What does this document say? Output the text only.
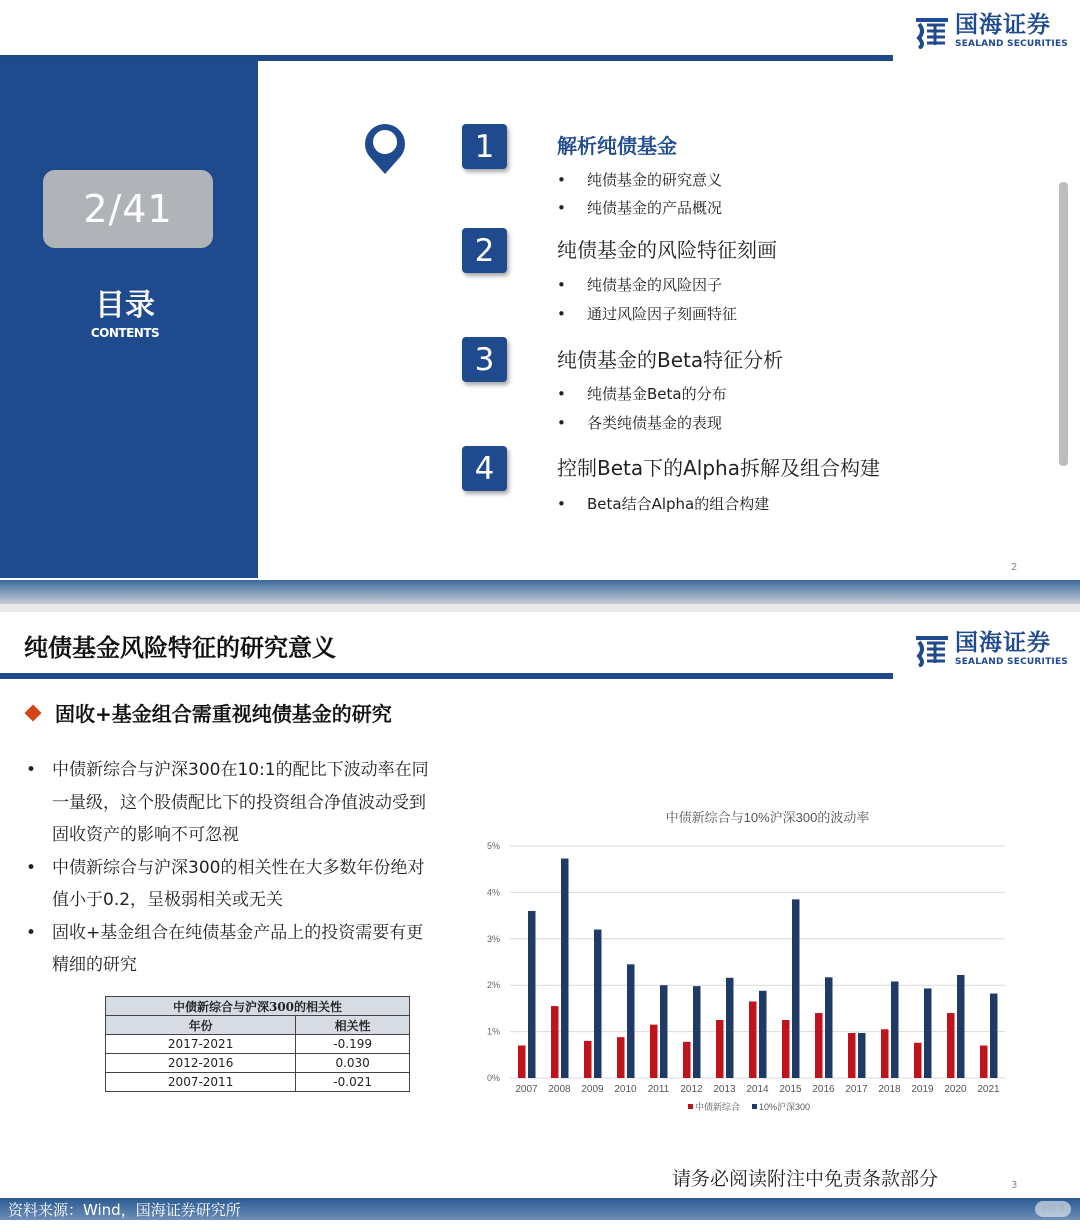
国海证券
SEALAND SECURITIES
2/41
目录
CONTENTS
1	解析纯债基金
• 纯债基金的研究意义
• 纯债基金的产品概况
2	纯债基金的风险特征刻画
• 纯债基金的风险因子
• 通过风险因子刻画特征
3	纯债基金的Beta特征分析
• 纯债基金Beta的分布
• 各类纯债基金的表现
4	控制Beta下的Alpha拆解及组合构建
• Beta结合Alpha的组合构建
2
纯债基金风险特征的研究意义	国海证券
SEALAND SECURITIES
固收+基金组合需重视纯债基金的研究
• 中债新综合与沪深300在10:1的配比下波动率在同
一量级，这个股债配比下的投资组合净值波动受到
固收资产的影响不可忽视
• 中债新综合与沪深300的相关性在大多数年份绝对
值小于0.2，呈极弱相关或无关
• 固收+基金组合在纯债基金产品上的投资需要有更
精细的研究
中债新综合与沪深300的相关性	
年份	相关性
2017-2021	-0.199
2012-2016	0.030
2007-2011	-0.021
中债新综合与10%沪深300的波动率
0%
1%
2%
3%
4%
5%
2007 2008 2009 2010 2011 2012 2013 2014 2015 2016 2017 2018 2019 2020 2021
中债新综合 10%沪深300
请务必阅读附注中免责条款部分	3
资料来源：Wind，国海证券研究所	小红书
